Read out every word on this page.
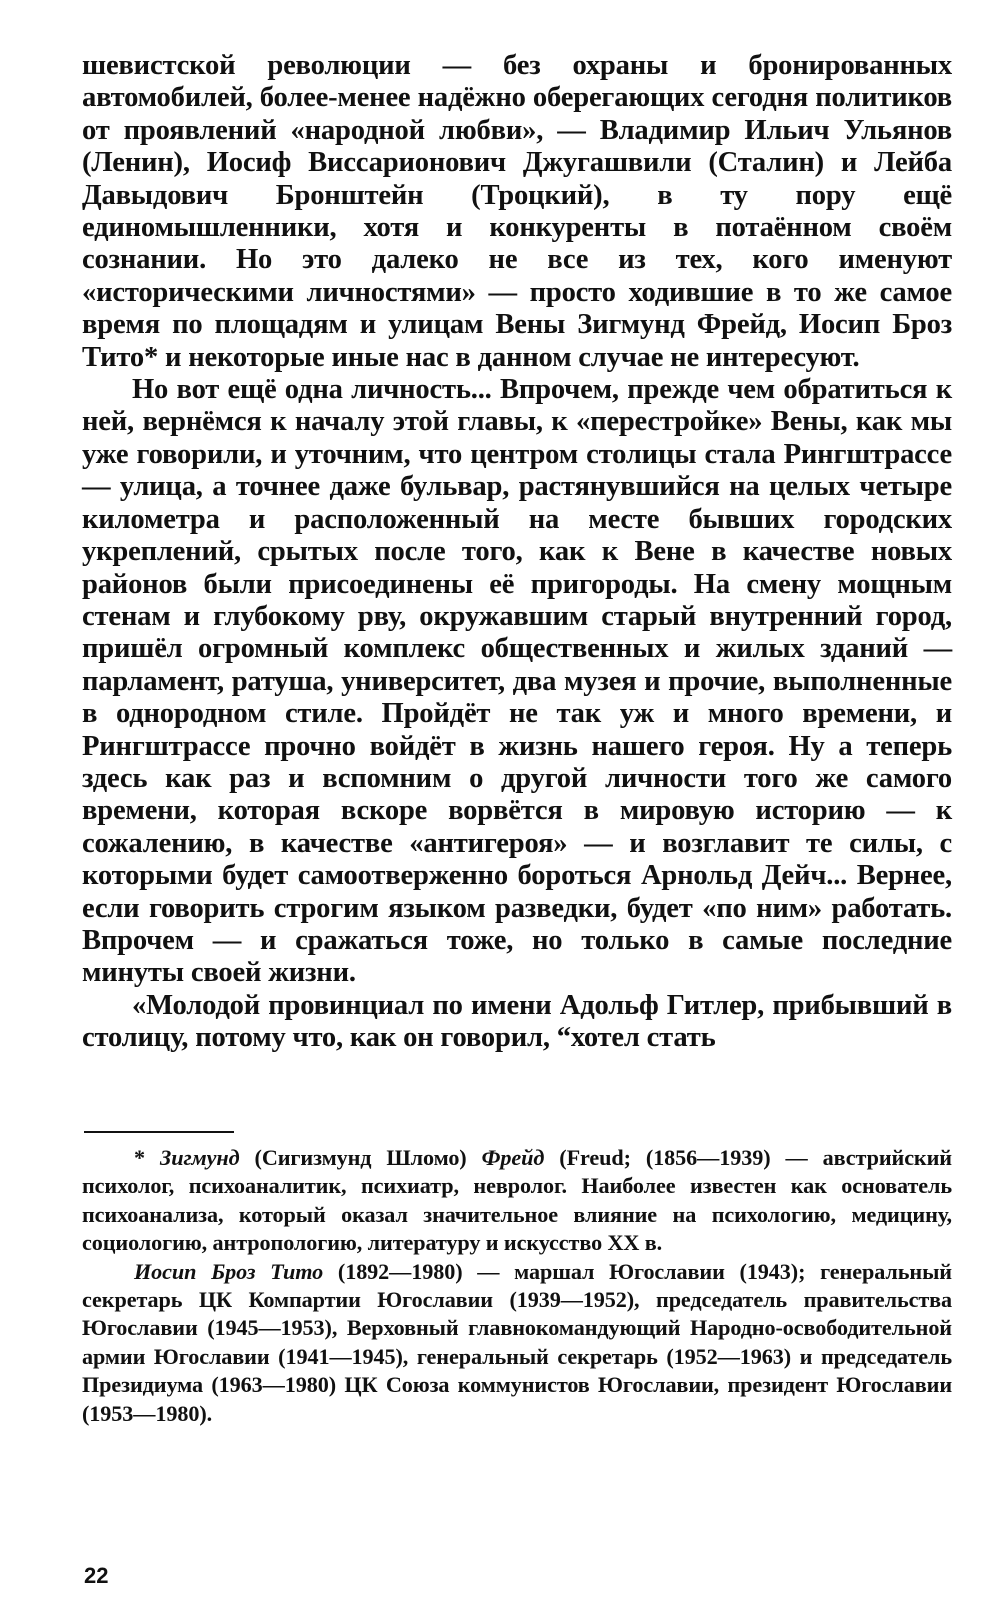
шевистской революции — без охраны и бронированных автомобилей, более-менее надёжно оберегающих сегодня политиков от проявлений «народной любви», — Владимир Ильич Ульянов (Ленин), Иосиф Виссарионович Джугашвили (Сталин) и Лейба Давыдович Бронштейн (Троцкий), в ту пору ещё единомышленники, хотя и конкуренты в потаённом своём сознании. Но это далеко не все из тех, кого именуют «историческими личностями» — просто ходившие в то же самое время по площадям и улицам Вены Зигмунд Фрейд, Иосип Броз Тито* и некоторые иные нас в данном случае не интересуют.

Но вот ещё одна личность... Впрочем, прежде чем обратиться к ней, вернёмся к началу этой главы, к «перестройке» Вены, как мы уже говорили, и уточним, что центром столицы стала Рингштрассе — улица, а точнее даже бульвар, растянувшийся на целых четыре километра и расположенный на месте бывших городских укреплений, срытых после того, как к Вене в качестве новых районов были присоединены её пригороды. На смену мощным стенам и глубокому рву, окружавшим старый внутренний город, пришёл огромный комплекс общественных и жилых зданий — парламент, ратуша, университет, два музея и прочие, выполненные в однородном стиле. Пройдёт не так уж и много времени, и Рингштрассе прочно войдёт в жизнь нашего героя. Ну а теперь здесь как раз и вспомним о другой личности того же самого времени, которая вскоре ворвётся в мировую историю — к сожалению, в качестве «антигероя» — и возглавит те силы, с которыми будет самоотверженно бороться Арнольд Дейч... Вернее, если говорить строгим языком разведки, будет «по ним» работать. Впрочем — и сражаться тоже, но только в самые последние минуты своей жизни.

«Молодой провинциал по имени Адольф Гитлер, прибывший в столицу, потому что, как он говорил, “хотел стать

* Зигмунд (Сигизмунд Шломо) Фрейд (Freud; (1856—1939) — австрийский психолог, психоаналитик, психиатр, невролог. Наиболее известен как основатель психоанализа, который оказал значительное влияние на психологию, медицину, социологию, антропологию, литературу и искусство XX в.

Иосип Броз Тито (1892—1980) — маршал Югославии (1943); генеральный секретарь ЦК Компартии Югославии (1939—1952), председатель правительства Югославии (1945—1953), Верховный главнокомандующий Народно-освободительной армии Югославии (1941—1945), генеральный секретарь (1952—1963) и председатель Президиума (1963—1980) ЦК Союза коммунистов Югославии, президент Югославии (1953—1980).

22
